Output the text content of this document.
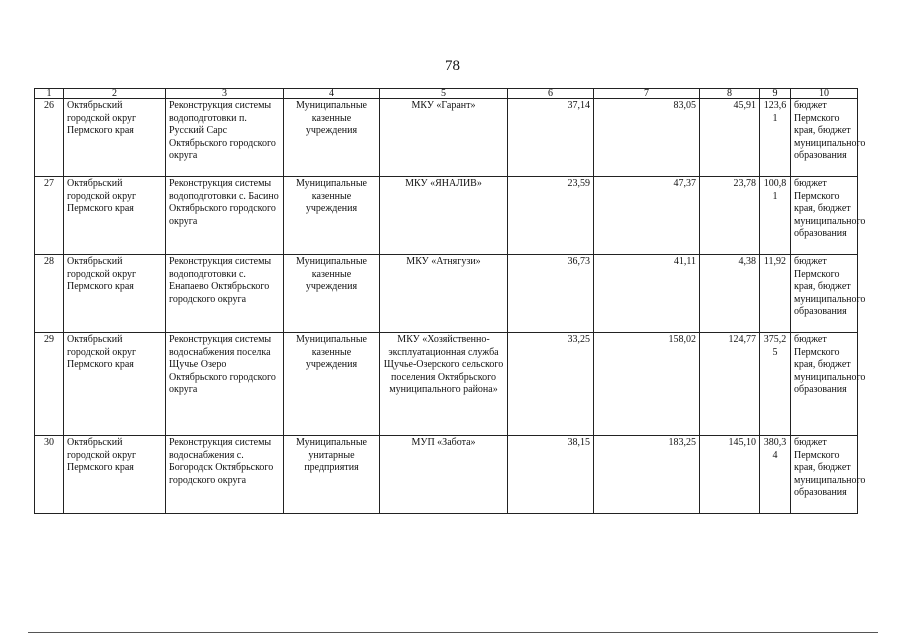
78
1	2	3	4	5	6	7	8	9	10
26	Октябрьский городской округ Пермского края	Реконструкция системы водоподготовки п. Русский Сарс Октябрьского городского округа	Муниципальные казенные учреждения	МКУ «Гарант»	37,14	83,05	45,91	123,61	бюджет Пермского края, бюджет муниципального образования
27	Октябрьский городской округ Пермского края	Реконструкция системы водоподготовки с. Басино Октябрьского городского округа	Муниципальные казенные учреждения	МКУ «ЯНАЛИВ»	23,59	47,37	23,78	100,81	бюджет Пермского края, бюджет муниципального образования
28	Октябрьский городской округ Пермского края	Реконструкция системы водоподготовки с. Енапаево Октябрьского городского округа	Муниципальные казенные учреждения	МКУ «Атнягузи»	36,73	41,11	4,38	11,92	бюджет Пермского края, бюджет муниципального образования
29	Октябрьский городской округ Пермского края	Реконструкция системы водоснабжения поселка Щучье Озеро Октябрьского городского округа	Муниципальные казенные учреждения	МКУ «Хозяйственно-эксплуатационная служба Щучье-Озерского сельского поселения Октябрьского муниципального района»	33,25	158,02	124,77	375,25	бюджет Пермского края, бюджет муниципального образования
30	Октябрьский городской округ Пермского края	Реконструкция системы водоснабжения с. Богородск Октябрьского городского округа	Муниципальные унитарные предприятия	МУП «Забота»	38,15	183,25	145,10	380,34	бюджет Пермского края, бюджет муниципального образования
